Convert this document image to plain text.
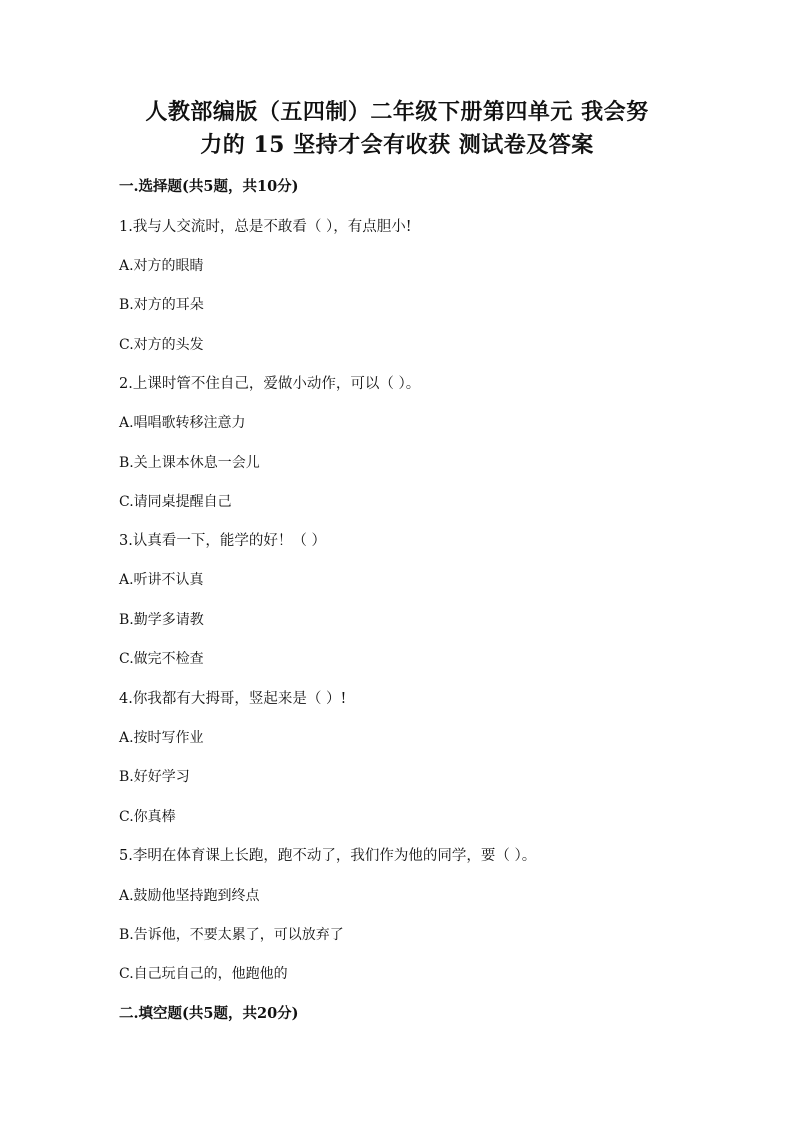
人教部编版（五四制）二年级下册第四单元 我会努
力的 15 坚持才会有收获 测试卷及答案
一.选择题(共5题，共10分)
1.我与人交流时，总是不敢看（ ），有点胆小!
A.对方的眼睛
B.对方的耳朵
C.对方的头发
2.上课时管不住自己，爱做小动作，可以（ ）。
A.唱唱歌转移注意力
B.关上课本休息一会儿
C.请同桌提醒自己
3.认真看一下，能学的好！（ ）
A.听讲不认真
B.勤学多请教
C.做完不检查
4.你我都有大拇哥，竖起来是（ ）!
A.按时写作业
B.好好学习
C.你真棒
5.李明在体育课上长跑，跑不动了，我们作为他的同学，要（ ）。
A.鼓励他坚持跑到终点
B.告诉他，不要太累了，可以放弃了
C.自己玩自己的，他跑他的
二.填空题(共5题，共20分)
